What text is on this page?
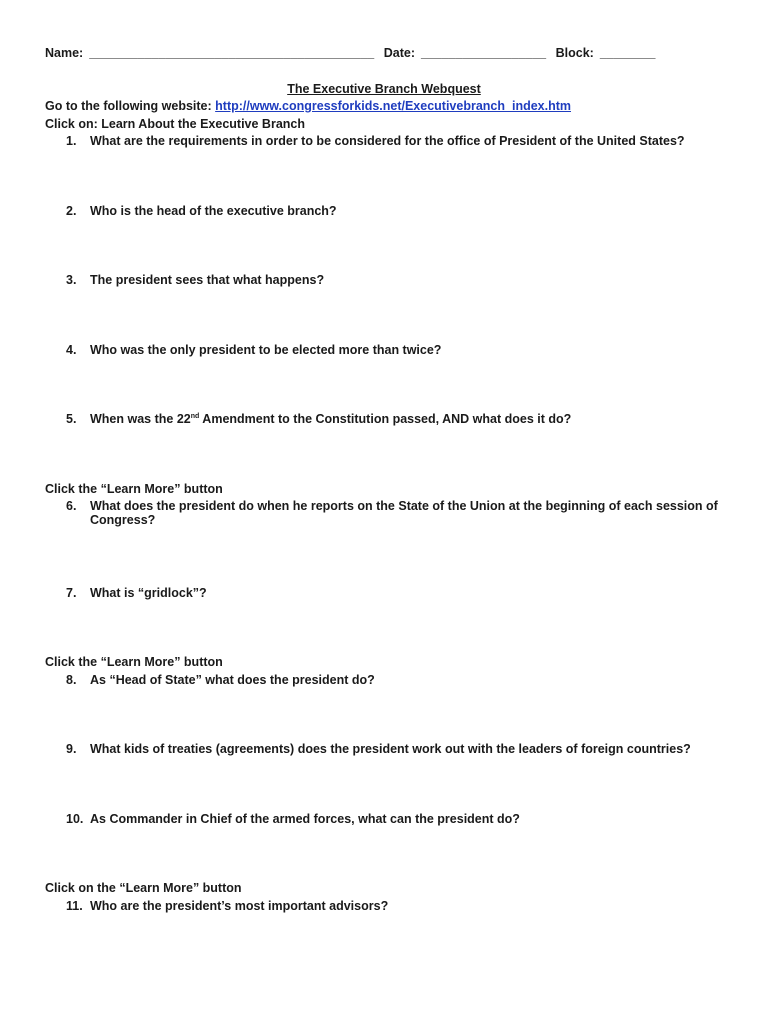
Name: _________________________________________ Date: __________________ Block: ________
The Executive Branch Webquest
Go to the following website: http://www.congressforkids.net/Executivebranch_index.htm
Click on: Learn About the Executive Branch
1. What are the requirements in order to be considered for the office of President of the United States?
2. Who is the head of the executive branch?
3. The president sees that what happens?
4. Who was the only president to be elected more than twice?
5. When was the 22nd Amendment to the Constitution passed, AND what does it do?
Click the “Learn More” button
6. What does the president do when he reports on the State of the Union at the beginning of each session of
Congress?
7. What is “gridlock”?
Click the “Learn More” button
8. As “Head of State” what does the president do?
9. What kids of treaties (agreements) does the president work out with the leaders of foreign countries?
10. As Commander in Chief of the armed forces, what can the president do?
Click on the “Learn More” button
11. Who are the president’s most important advisors?
